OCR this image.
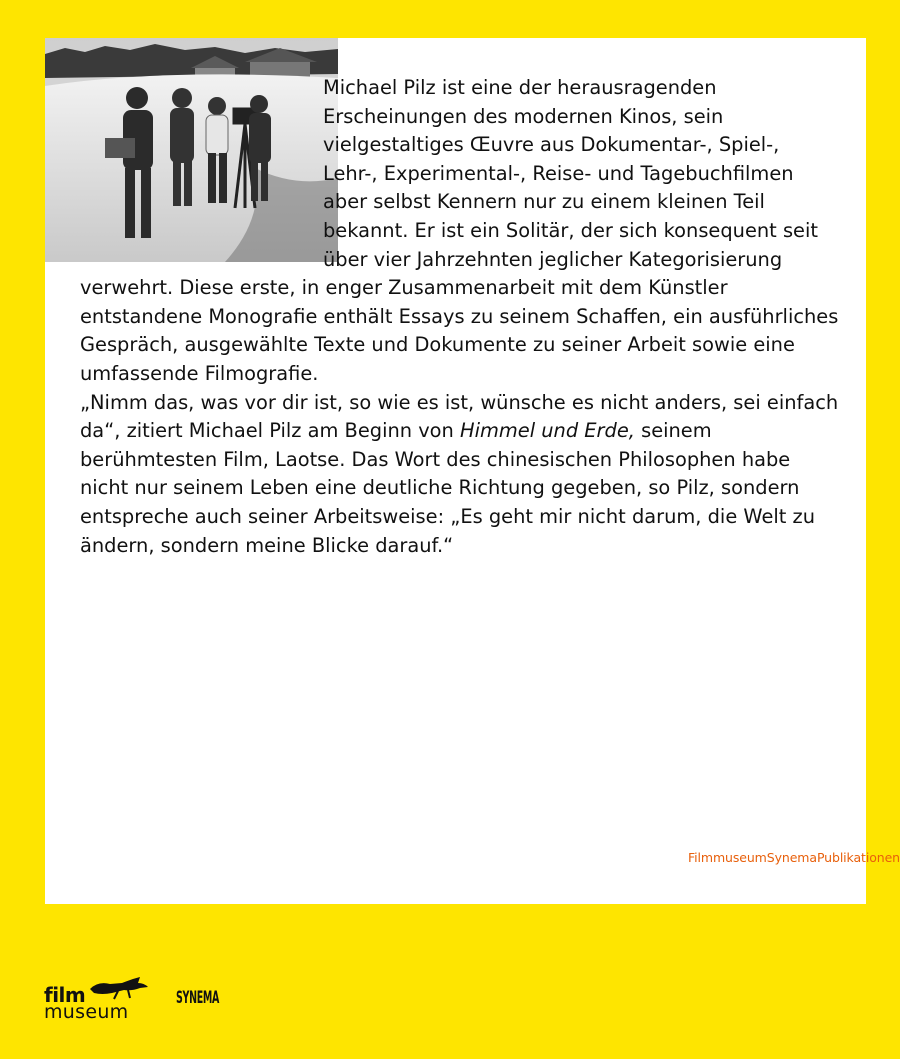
Michael Pilz ist eine der herausragenden Erscheinungen des modernen Kinos, sein vielgestaltiges Œuvre aus Dokumentar-, Spiel-, Lehr-, Experimental-, Reise- und Tagebuchfilmen aber selbst Kennern nur zu einem kleinen Teil bekannt. Er ist ein Solitär, der sich konsequent seit über vier Jahrzehnten jeglicher Kategorisierung verwehrt. Diese erste, in enger Zusammenarbeit mit dem Künstler entstandene Monografie enthält Essays zu seinem Schaffen, ein ausführliches Gespräch, ausgewählte Texte und Dokumente zu seiner Arbeit sowie eine umfassende Filmografie.

„Nimm das, was vor dir ist, so wie es ist, wünsche es nicht anders, sei einfach da“, zitiert Michael Pilz am Beginn von Himmel und Erde, seinem berühmtesten Film, Laotse. Das Wort des chinesischen Philosophen habe nicht nur seinem Leben eine deutliche Richtung gegeben, so Pilz, sondern entspreche auch seiner Arbeitsweise: „Es geht mir nicht darum, die Welt zu ändern, sondern meine Blicke darauf.“

FilmmuseumSynemaPublikationen
film
museum
SYNEMA
